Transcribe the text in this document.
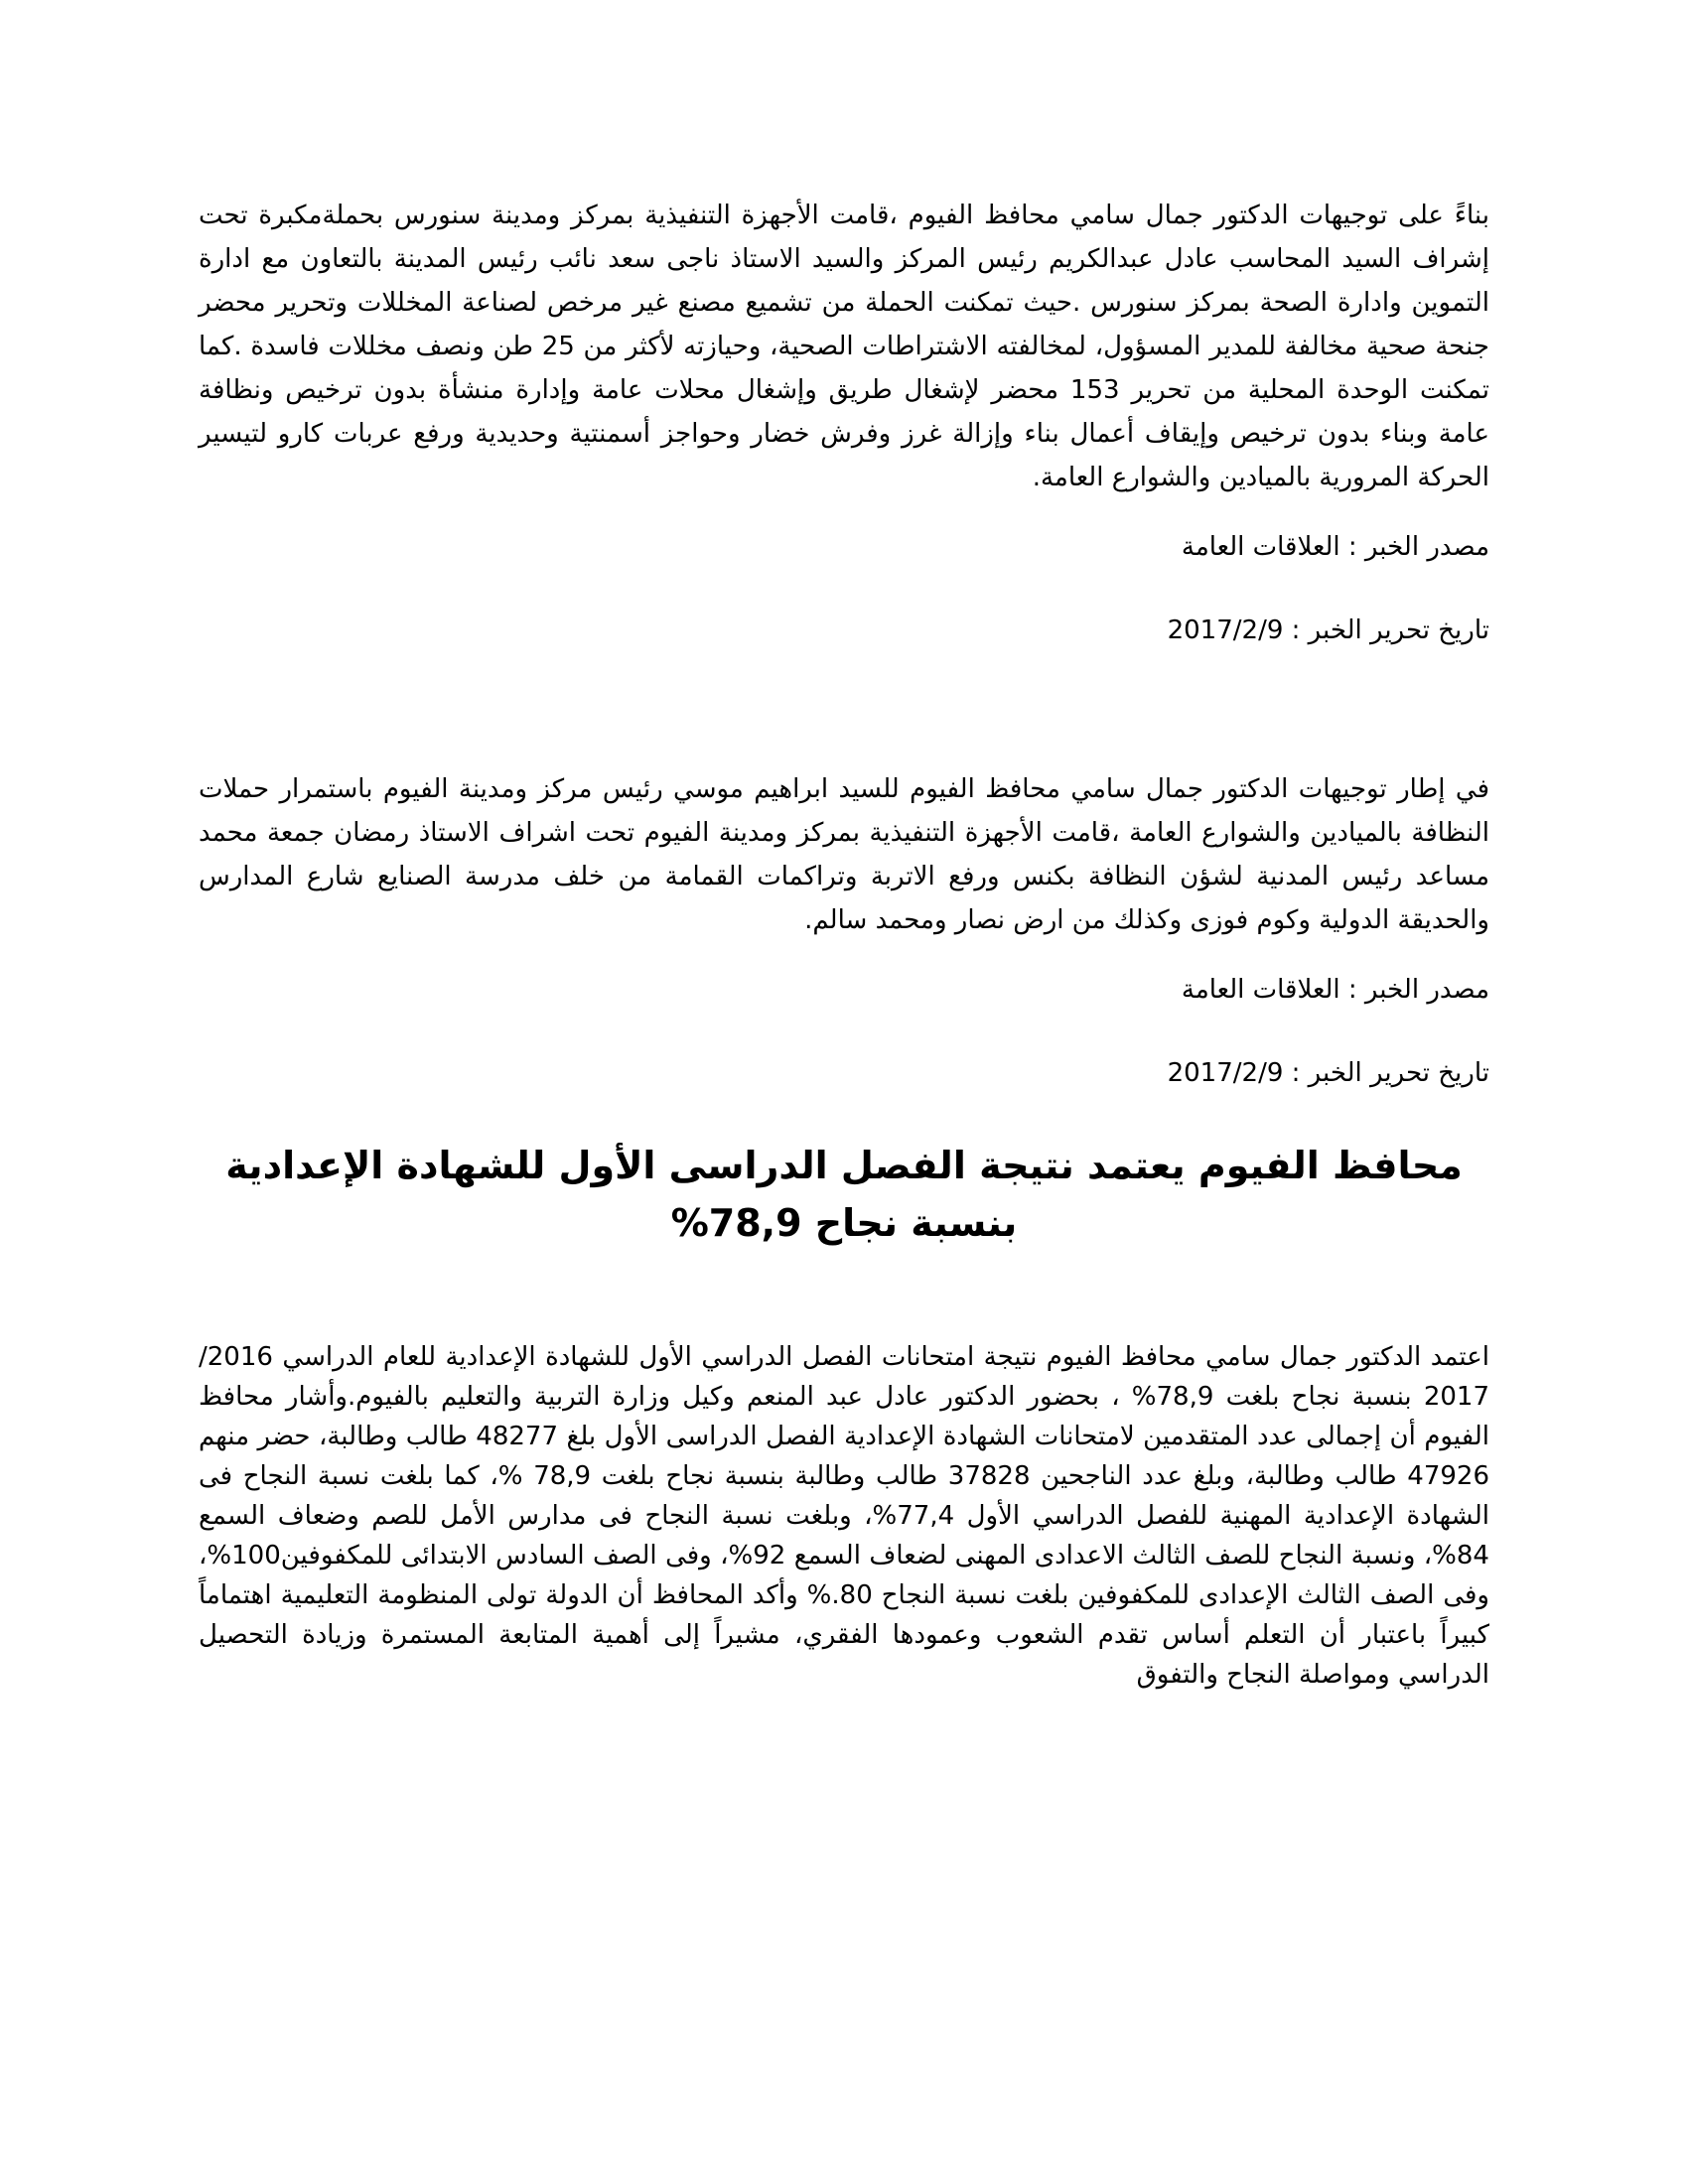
بناءً على توجيهات الدكتور جمال سامي محافظ الفيوم ،قامت الأجهزة التنفيذية بمركز ومدينة سنورس بحملةمكبرة تحت إشراف السيد المحاسب عادل عبدالكريم رئيس المركز والسيد الاستاذ ناجى سعد نائب رئيس المدينة بالتعاون مع ادارة التموين وادارة الصحة بمركز سنورس .حيث تمكنت الحملة من تشميع مصنع غير مرخص لصناعة المخللات وتحرير محضر جنحة صحية مخالفة للمدير المسؤول، لمخالفته الاشتراطات الصحية، وحيازته لأكثر من 25 طن ونصف مخللات فاسدة .كما تمكنت الوحدة المحلية من تحرير 153 محضر لإشغال طريق وإشغال محلات عامة وإدارة منشأة بدون ترخيص ونظافة عامة وبناء بدون ترخيص وإيقاف أعمال بناء وإزالة غرز وفرش خضار وحواجز أسمنتية وحديدية ورفع عربات كارو لتيسير الحركة المرورية بالميادين والشوارع العامة.

مصدر الخبر : العلاقات العامة

تاريخ تحرير الخبر : 2017/2/9

في إطار توجيهات الدكتور جمال سامي محافظ الفيوم للسيد ابراهيم موسي رئيس مركز ومدينة الفيوم باستمرار حملات النظافة بالميادين والشوارع العامة ،قامت الأجهزة التنفيذية بمركز ومدينة الفيوم تحت اشراف الاستاذ رمضان جمعة محمد مساعد رئيس المدنية لشؤن النظافة بكنس ورفع الاتربة وتراكمات القمامة من خلف مدرسة الصنايع شارع المدارس والحديقة الدولية وكوم فوزى وكذلك من ارض نصار ومحمد سالم.

مصدر الخبر : العلاقات العامة

تاريخ تحرير الخبر : 2017/2/9

محافظ الفيوم يعتمد نتيجة الفصل الدراسى الأول للشهادة الإعدادية بنسبة نجاح 78,9%

اعتمد الدكتور جمال سامي محافظ الفيوم نتيجة امتحانات الفصل الدراسي الأول للشهادة الإعدادية للعام الدراسي 2016/ 2017 بنسبة نجاح بلغت 78,9% ، بحضور الدكتور عادل عبد المنعم وكيل وزارة التربية والتعليم بالفيوم.وأشار محافظ الفيوم أن إجمالى عدد المتقدمين لامتحانات الشهادة الإعدادية الفصل الدراسى الأول بلغ 48277 طالب وطالبة، حضر منهم 47926 طالب وطالبة، وبلغ عدد الناجحين 37828 طالب وطالبة بنسبة نجاح بلغت 78,9 %، كما بلغت نسبة النجاح فى الشهادة الإعدادية المهنية للفصل الدراسي الأول 77,4%، وبلغت نسبة النجاح فى مدارس الأمل للصم وضعاف السمع 84%، ونسبة النجاح للصف الثالث الاعدادى المهنى لضعاف السمع 92%، وفى الصف السادس الابتدائى للمكفوفين100%، وفى الصف الثالث الإعدادى للمكفوفين بلغت نسبة النجاح 80.% وأكد المحافظ أن الدولة تولى المنظومة التعليمية اهتماماً كبيراً باعتبار أن التعلم أساس تقدم الشعوب وعمودها الفقري، مشيراً إلى أهمية المتابعة المستمرة وزيادة التحصيل الدراسي ومواصلة النجاح والتفوق
